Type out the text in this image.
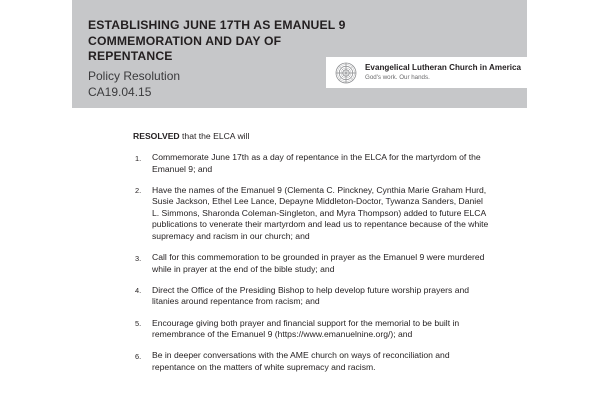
ESTABLISHING JUNE 17TH AS EMANUEL 9
COMMEMORATION AND DAY OF
REPENTANCE
Policy Resolution
CA19.04.15
Evangelical Lutheran Church in America
God's work. Our hands.
RESOLVED that the ELCA will
1.	Commemorate June 17th as a day of repentance in the ELCA for the martyrdom of the Emanuel 9; and
2.	Have the names of the Emanuel 9 (Clementa C. Pinckney, Cynthia Marie Graham Hurd, Susie Jackson, Ethel Lee Lance, Depayne Middleton-Doctor, Tywanza Sanders, Daniel L. Simmons, Sharonda Coleman-Singleton, and Myra Thompson) added to future ELCA publications to venerate their martyrdom and lead us to repentance because of the white supremacy and racism in our church; and
3.	Call for this commemoration to be grounded in prayer as the Emanuel 9 were murdered while in prayer at the end of the bible study; and
4.	Direct the Office of the Presiding Bishop to help develop future worship prayers and litanies around repentance from racism; and
5.	Encourage giving both prayer and financial support for the memorial to be built in remembrance of the Emanuel 9 (https://www.emanuelnine.org/); and
6.	Be in deeper conversations with the AME church on ways of reconciliation and repentance on the matters of white supremacy and racism.
